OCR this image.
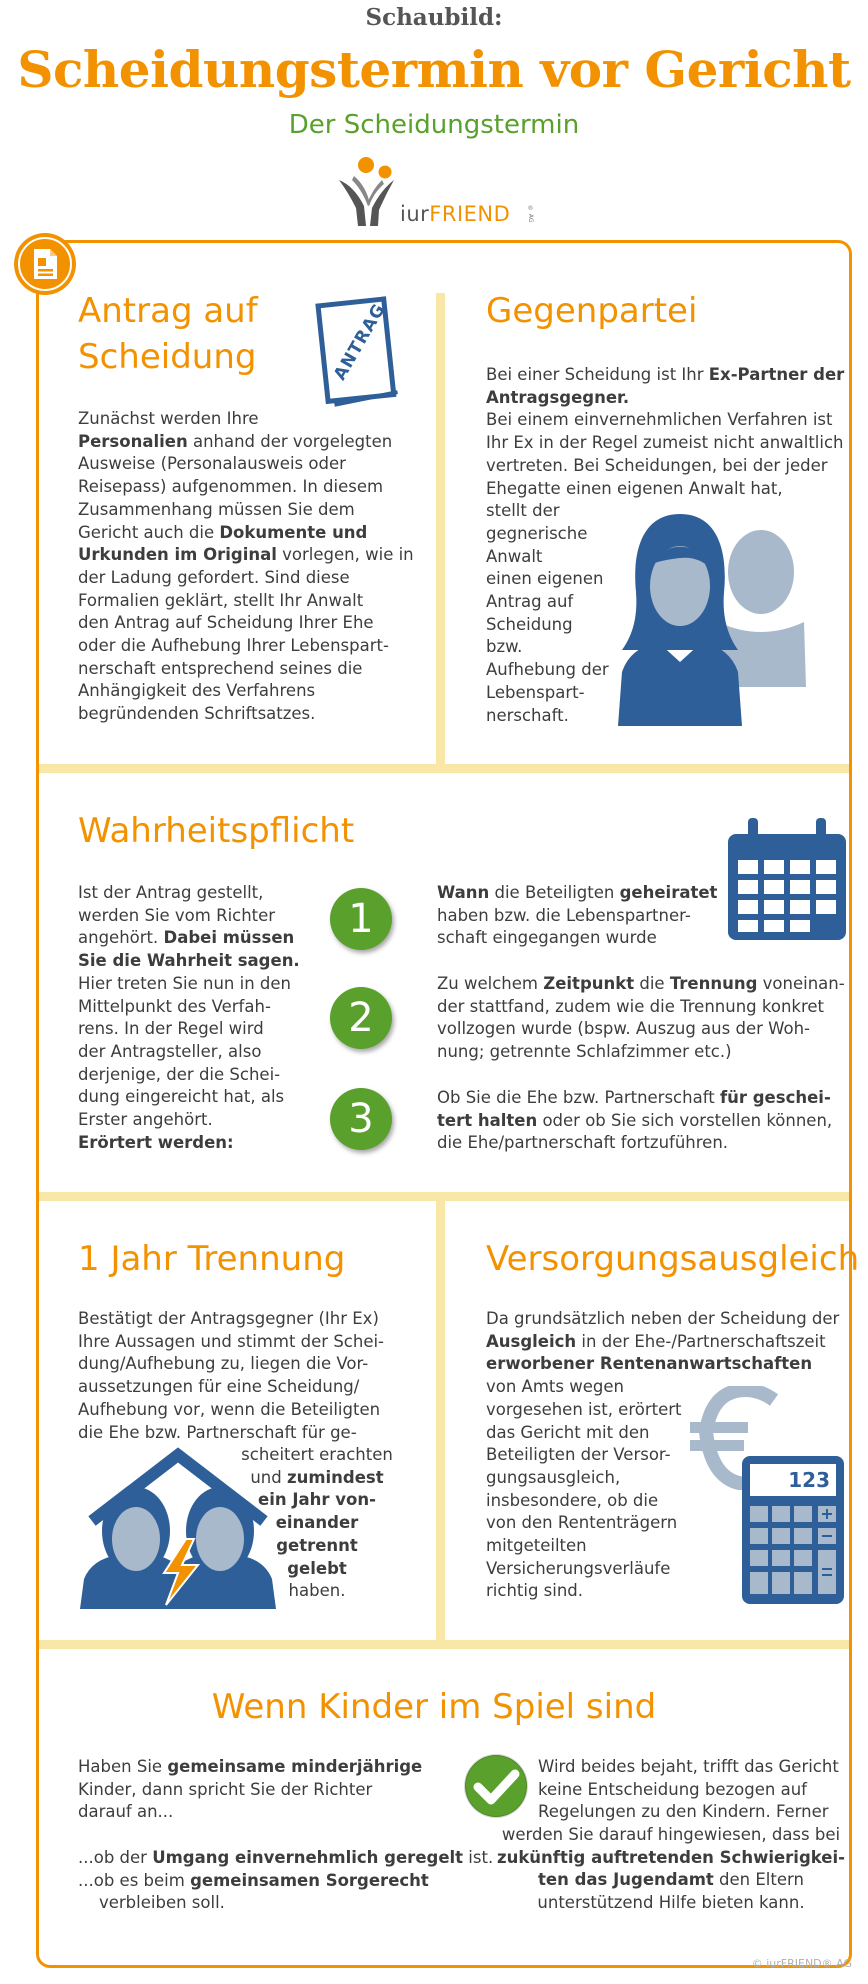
Schaubild:
Scheidungstermin vor Gericht
Der Scheidungstermin
iurFRIEND	® AG
Antrag auf
Scheidung	ANTRAG
Zunächst werden Ihre
Personalien anhand der vorgelegten
Ausweise (Personalausweis oder
Reisepass) aufgenommen. In diesem
Zusammenhang müssen Sie dem
Gericht auch die Dokumente und
Urkunden im Original vorlegen, wie in
der Ladung gefordert. Sind diese
Formalien geklärt, stellt Ihr Anwalt
den Antrag auf Scheidung Ihrer Ehe
oder die Aufhebung Ihrer Lebenspart-
nerschaft entsprechend seines die
Anhängigkeit des Verfahrens
begründenden Schriftsatzes.
Gegenpartei
Bei einer Scheidung ist Ihr Ex-Partner der
Antragsgegner.
Bei einem einvernehmlichen Verfahren ist
Ihr Ex in der Regel zumeist nicht anwaltlich
vertreten. Bei Scheidungen, bei der jeder
Ehegatte einen eigenen Anwalt hat,
stellt der
gegnerische
Anwalt
einen eigenen
Antrag auf
Scheidung
bzw.
Aufhebung der
Lebenspart-
nerschaft.
Wahrheitspflicht
Ist der Antrag gestellt,
werden Sie vom Richter
angehört. Dabei müssen
Sie die Wahrheit sagen.
Hier treten Sie nun in den
Mittelpunkt des Verfah-
rens. In der Regel wird
der Antragsteller, also
derjenige, der die Schei-
dung eingereicht hat, als
Erster angehört.
Erörtert werden:
1
Wann die Beteiligten geheiratet
haben bzw. die Lebenspartner-
schaft eingegangen wurde
2
Zu welchem Zeitpunkt die Trennung voneinan-
der stattfand, zudem wie die Trennung konkret
vollzogen wurde (bspw. Auszug aus der Woh-
nung; getrennte Schlafzimmer etc.)
3	Ob Sie die Ehe bzw. Partnerschaft für geschei-
tert halten oder ob Sie sich vorstellen können,
die Ehe/partnerschaft fortzuführen.
1 Jahr Trennung
Bestätigt der Antragsgegner (Ihr Ex)
Ihre Aussagen und stimmt der Schei-
dung/Aufhebung zu, liegen die Vor-
aussetzungen für eine Scheidung/
Aufhebung vor, wenn die Beteiligten
die Ehe bzw. Partnerschaft für ge-
scheitert erachten
und zumindest
ein Jahr von-
einander
getrennt
gelebt
haben.
Versorgungsausgleich
Da grundsätzlich neben der Scheidung der
Ausgleich in der Ehe-/Partnerschaftszeit
erworbener Rentenanwartschaften
von Amts wegen
vorgesehen ist, erörtert
das Gericht mit den
Beteiligten der Versor-
gungsausgleich,
insbesondere, ob die
von den Rententrägern
mitgeteilten
Versicherungsverläufe
richtig sind.
123
Wenn Kinder im Spiel sind
Haben Sie gemeinsame minderjährige
Kinder, dann spricht Sie der Richter
darauf an...

...ob der Umgang einvernehmlich geregelt ist.
...ob es beim gemeinsamen Sorgerecht
verbleiben soll.
Wird beides bejaht, trifft das Gericht
keine Entscheidung bezogen auf
Regelungen zu den Kindern. Ferner
werden Sie darauf hingewiesen, dass bei
zukünftig auftretenden Schwierigkei-
ten das Jugendamt den Eltern
unterstützend Hilfe bieten kann.
© iurFRIEND® AG
